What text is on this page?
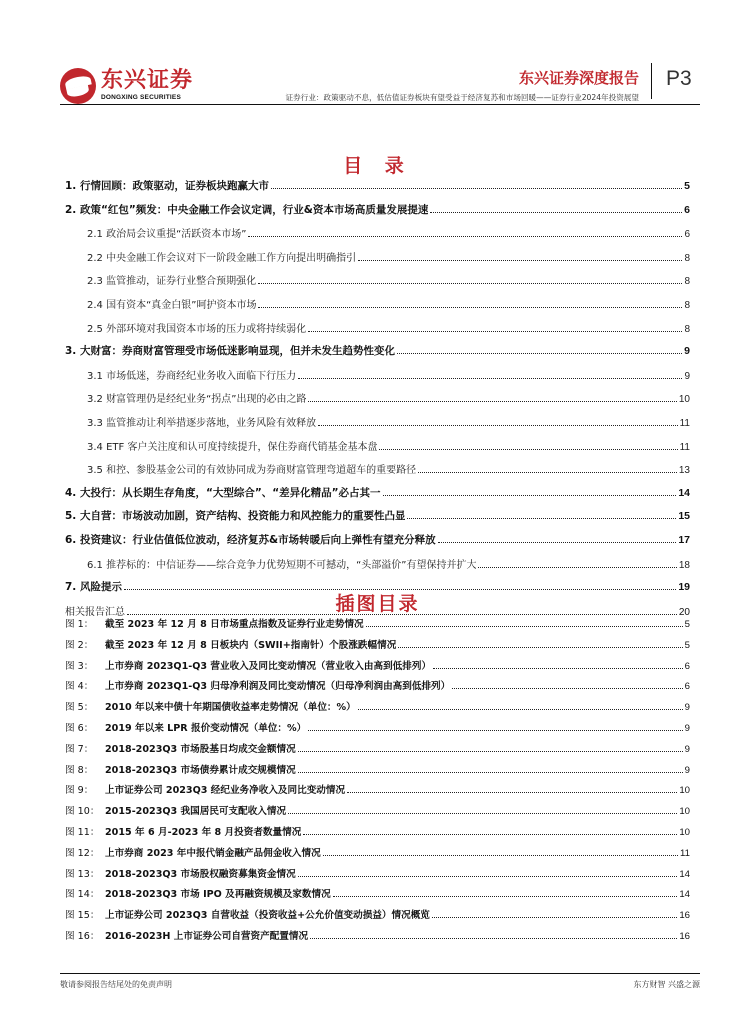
东兴证券
DONGXING SECURITIES
东兴证券深度报告 P3
证券行业：政策驱动不息，低估值证券板块有望受益于经济复苏和市场回暖——证券行业2024年投资展望
目 录
1. 行情回顾：政策驱动，证券板块跑赢大市	5
2. 政策“红包”频发：中央金融工作会议定调，行业&资本市场高质量发展提速	6
2.1 政治局会议重提“活跃资本市场”	6
2.2 中央金融工作会议对下一阶段金融工作方向提出明确指引	8
2.3 监管推动，证券行业整合预期强化	8
2.4 国有资本“真金白银”呵护资本市场	8
2.5 外部环境对我国资本市场的压力或将持续弱化	8
3. 大财富：券商财富管理受市场低迷影响显现，但并未发生趋势性变化	9
3.1 市场低迷，券商经纪业务收入面临下行压力	9
3.2 财富管理仍是经纪业务“拐点”出现的必由之路	10
3.3 监管推动让利举措逐步落地，业务风险有效释放	11
3.4 ETF 客户关注度和认可度持续提升，保住券商代销基金基本盘	11
3.5 和控、参股基金公司的有效协同成为券商财富管理弯道超车的重要路径	13
4. 大投行：从长期生存角度，“大型综合”、“差异化精品”必占其一	14
5. 大自营：市场波动加剧，资产结构、投资能力和风控能力的重要性凸显	15
6. 投资建议：行业估值低位波动，经济复苏&市场转暖后向上弹性有望充分释放	17
6.1 推荐标的：中信证券——综合竞争力优势短期不可撼动，“头部溢价”有望保持并扩大	18
7. 风险提示	19
相关报告汇总	20
插图目录
图 1： 截至 2023 年 12 月 8 日市场重点指数及证券行业走势情况	5
图 2： 截至 2023 年 12 月 8 日板块内（SWII+指南针）个股涨跌幅情况	5
图 3： 上市券商 2023Q1-Q3 营业收入及同比变动情况（营业收入由高到低排列）	6
图 4： 上市券商 2023Q1-Q3 归母净利润及同比变动情况（归母净利润由高到低排列）	6
图 5： 2010 年以来中债十年期国债收益率走势情况（单位：%）	9
图 6： 2019 年以来 LPR 报价变动情况（单位：%）	9
图 7： 2018-2023Q3 市场股基日均成交金额情况	9
图 8： 2018-2023Q3 市场债券累计成交规模情况	9
图 9： 上市证券公司 2023Q3 经纪业务净收入及同比变动情况	10
图 10： 2015-2023Q3 我国居民可支配收入情况	10
图 11： 2015 年 6 月-2023 年 8 月投资者数量情况	10
图 12： 上市券商 2023 年中报代销金融产品佣金收入情况	11
图 13： 2018-2023Q3 市场股权融资募集资金情况	14
图 14： 2018-2023Q3 市场 IPO 及再融资规模及家数情况	14
图 15： 上市证券公司 2023Q3 自营收益（投资收益+公允价值变动损益）情况概览	16
图 16： 2016-2023H 上市证券公司自营资产配置情况	16
敬请参阅报告结尾处的免责声明	东方财智 兴盛之源
